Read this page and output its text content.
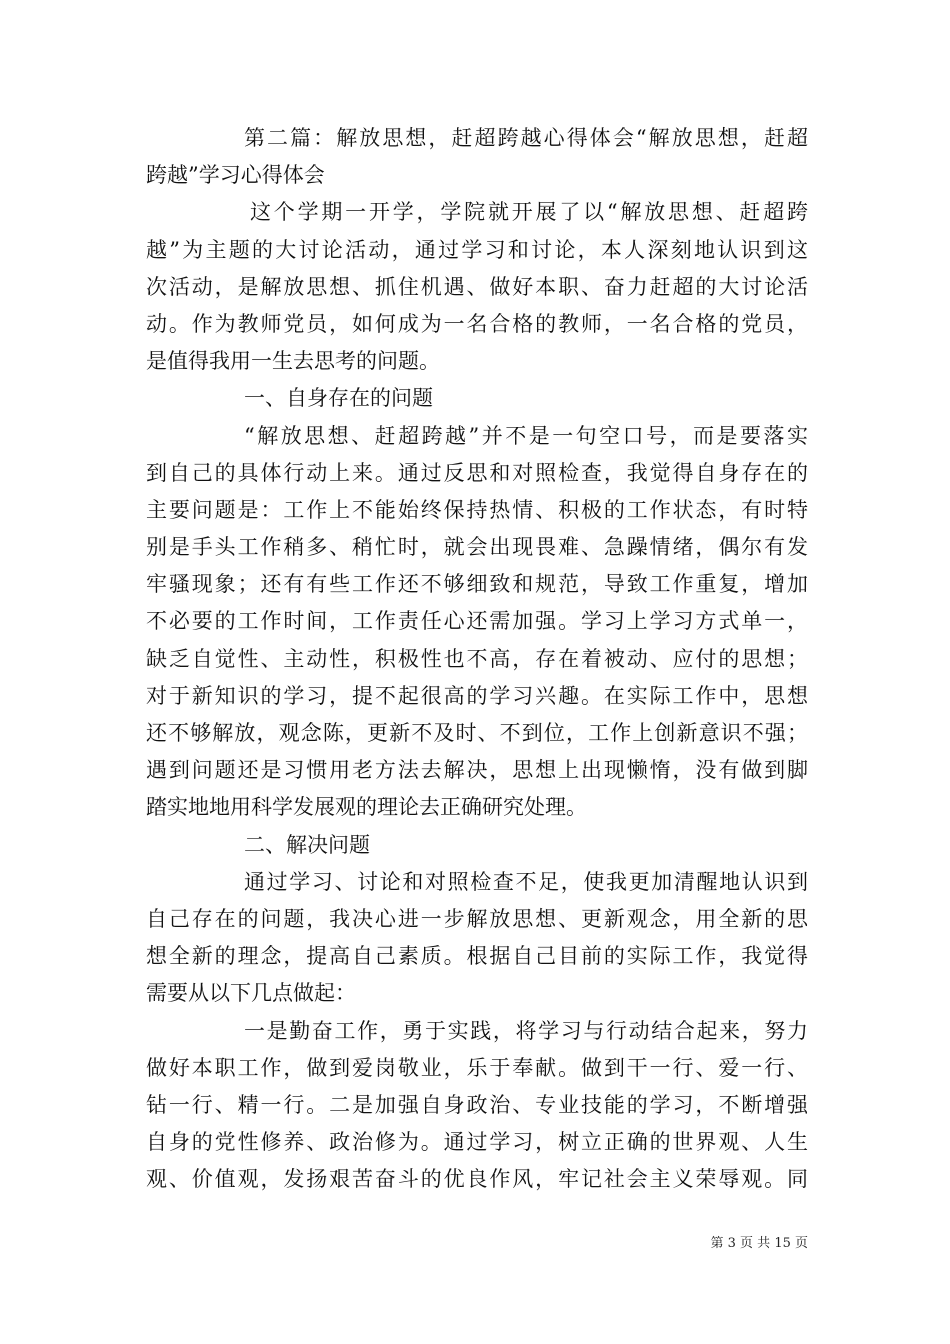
第二篇：解放思想，赶超跨越心得体会“解放思想，赶超
跨越”学习心得体会
这个学期一开学，学院就开展了以“解放思想、赶超跨
越”为主题的大讨论活动，通过学习和讨论，本人深刻地认识到这
次活动，是解放思想、抓住机遇、做好本职、奋力赶超的大讨论活
动。作为教师党员，如何成为一名合格的教师，一名合格的党员，
是值得我用一生去思考的问题。
一、自身存在的问题
“解放思想、赶超跨越”并不是一句空口号，而是要落实
到自己的具体行动上来。通过反思和对照检查，我觉得自身存在的
主要问题是：工作上不能始终保持热情、积极的工作状态，有时特
别是手头工作稍多、稍忙时，就会出现畏难、急躁情绪，偶尔有发
牢骚现象；还有有些工作还不够细致和规范，导致工作重复，增加
不必要的工作时间，工作责任心还需加强。学习上学习方式单一，
缺乏自觉性、主动性，积极性也不高，存在着被动、应付的思想；
对于新知识的学习，提不起很高的学习兴趣。在实际工作中，思想
还不够解放，观念陈，更新不及时、不到位，工作上创新意识不强；
遇到问题还是习惯用老方法去解决，思想上出现懒惰，没有做到脚
踏实地地用科学发展观的理论去正确研究处理。
二、解决问题
通过学习、讨论和对照检查不足，使我更加清醒地认识到
自己存在的问题，我决心进一步解放思想、更新观念，用全新的思
想全新的理念，提高自己素质。根据自己目前的实际工作，我觉得
需要从以下几点做起：
一是勤奋工作，勇于实践，将学习与行动结合起来，努力
做好本职工作，做到爱岗敬业，乐于奉献。做到干一行、爱一行、
钻一行、精一行。二是加强自身政治、专业技能的学习，不断增强
自身的党性修养、政治修为。通过学习，树立正确的世界观、人生
观、价值观，发扬艰苦奋斗的优良作风，牢记社会主义荣辱观。同
第 3 页 共 15 页
